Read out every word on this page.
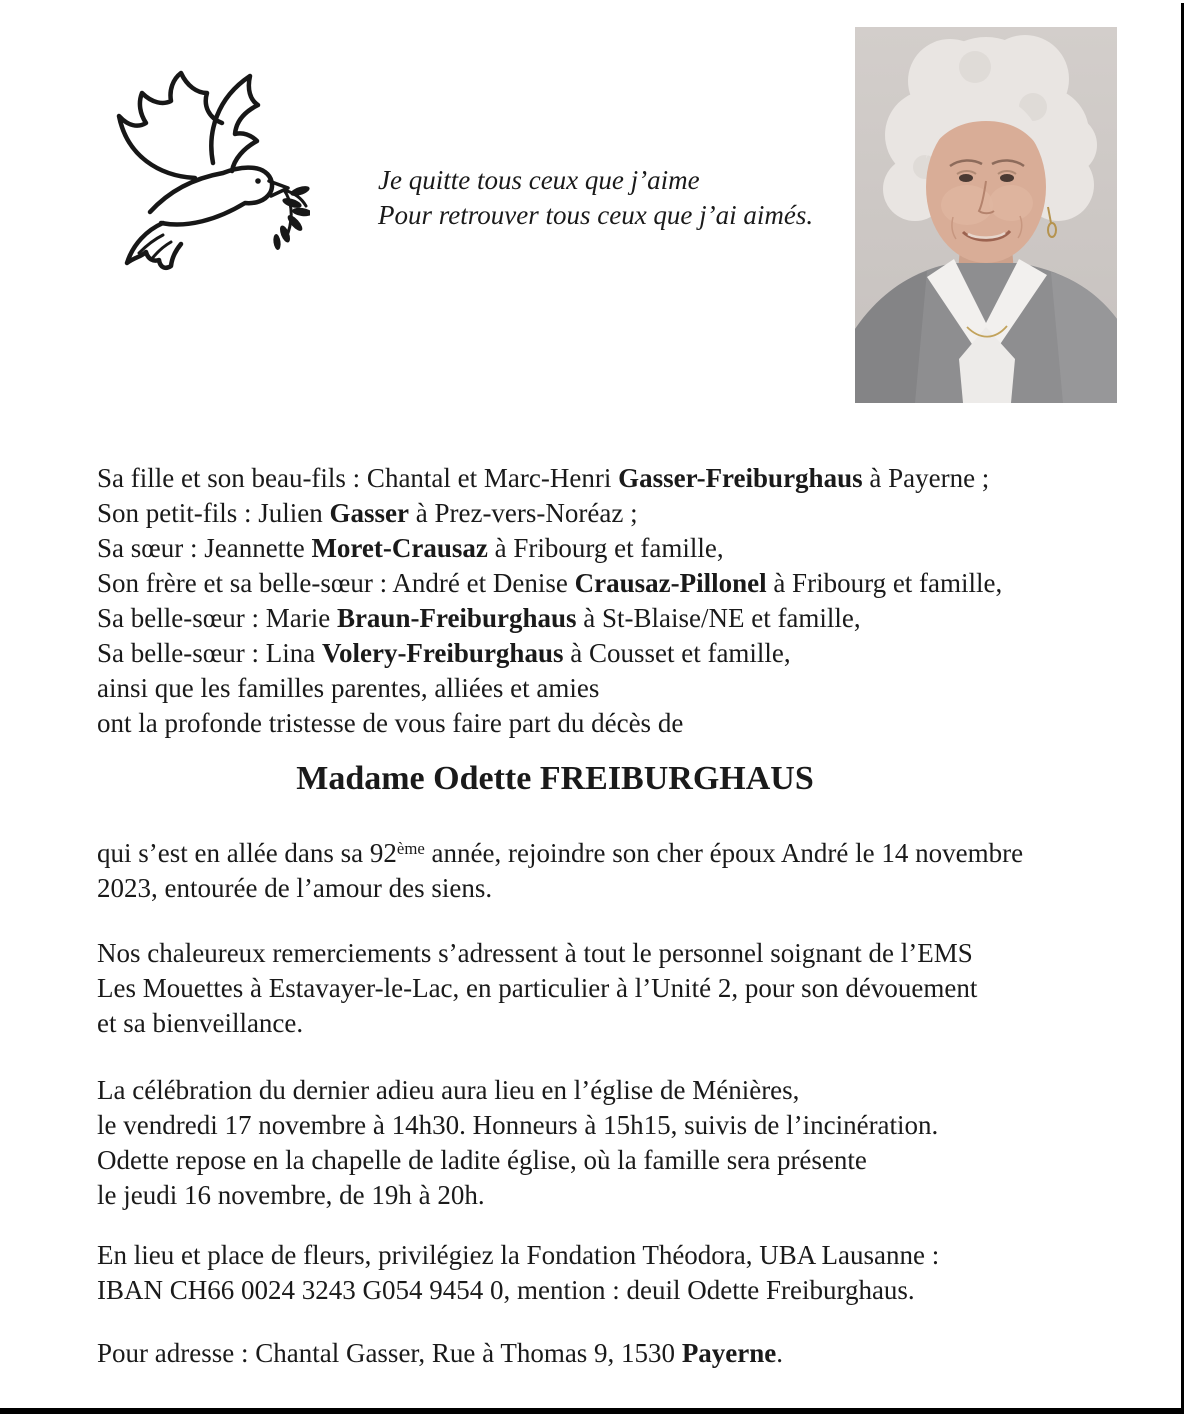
Je quitte tous ceux que j’aime
Pour retrouver tous ceux que j’ai aimés.
Sa fille et son beau-fils : Chantal et Marc-Henri Gasser-Freiburghaus à Payerne ;
Son petit-fils : Julien Gasser à Prez-vers-Noréaz ;
Sa sœur : Jeannette Moret-Crausaz à Fribourg et famille,
Son frère et sa belle-sœur : André et Denise Crausaz-Pillonel à Fribourg et famille,
Sa belle-sœur : Marie Braun-Freiburghaus à St-Blaise/NE et famille,
Sa belle-sœur : Lina Volery-Freiburghaus à Cousset et famille,
ainsi que les familles parentes, alliées et amies
ont la profonde tristesse de vous faire part du décès de
Madame Odette FREIBURGHAUS
qui s’est en allée dans sa 92ème année, rejoindre son cher époux André le 14 novembre
2023, entourée de l’amour des siens.
Nos chaleureux remerciements s’adressent à tout le personnel soignant de l’EMS
Les Mouettes à Estavayer-le-Lac, en particulier à l’Unité 2, pour son dévouement
et sa bienveillance.
La célébration du dernier adieu aura lieu en l’église de Ménières,
le vendredi 17 novembre à 14h30. Honneurs à 15h15, suivis de l’incinération.
Odette repose en la chapelle de ladite église, où la famille sera présente
le jeudi 16 novembre, de 19h à 20h.
En lieu et place de fleurs, privilégiez la Fondation Théodora, UBA Lausanne :
IBAN CH66 0024 3243 G054 9454 0, mention : deuil Odette Freiburghaus.
Pour adresse : Chantal Gasser, Rue à Thomas 9, 1530 Payerne.
